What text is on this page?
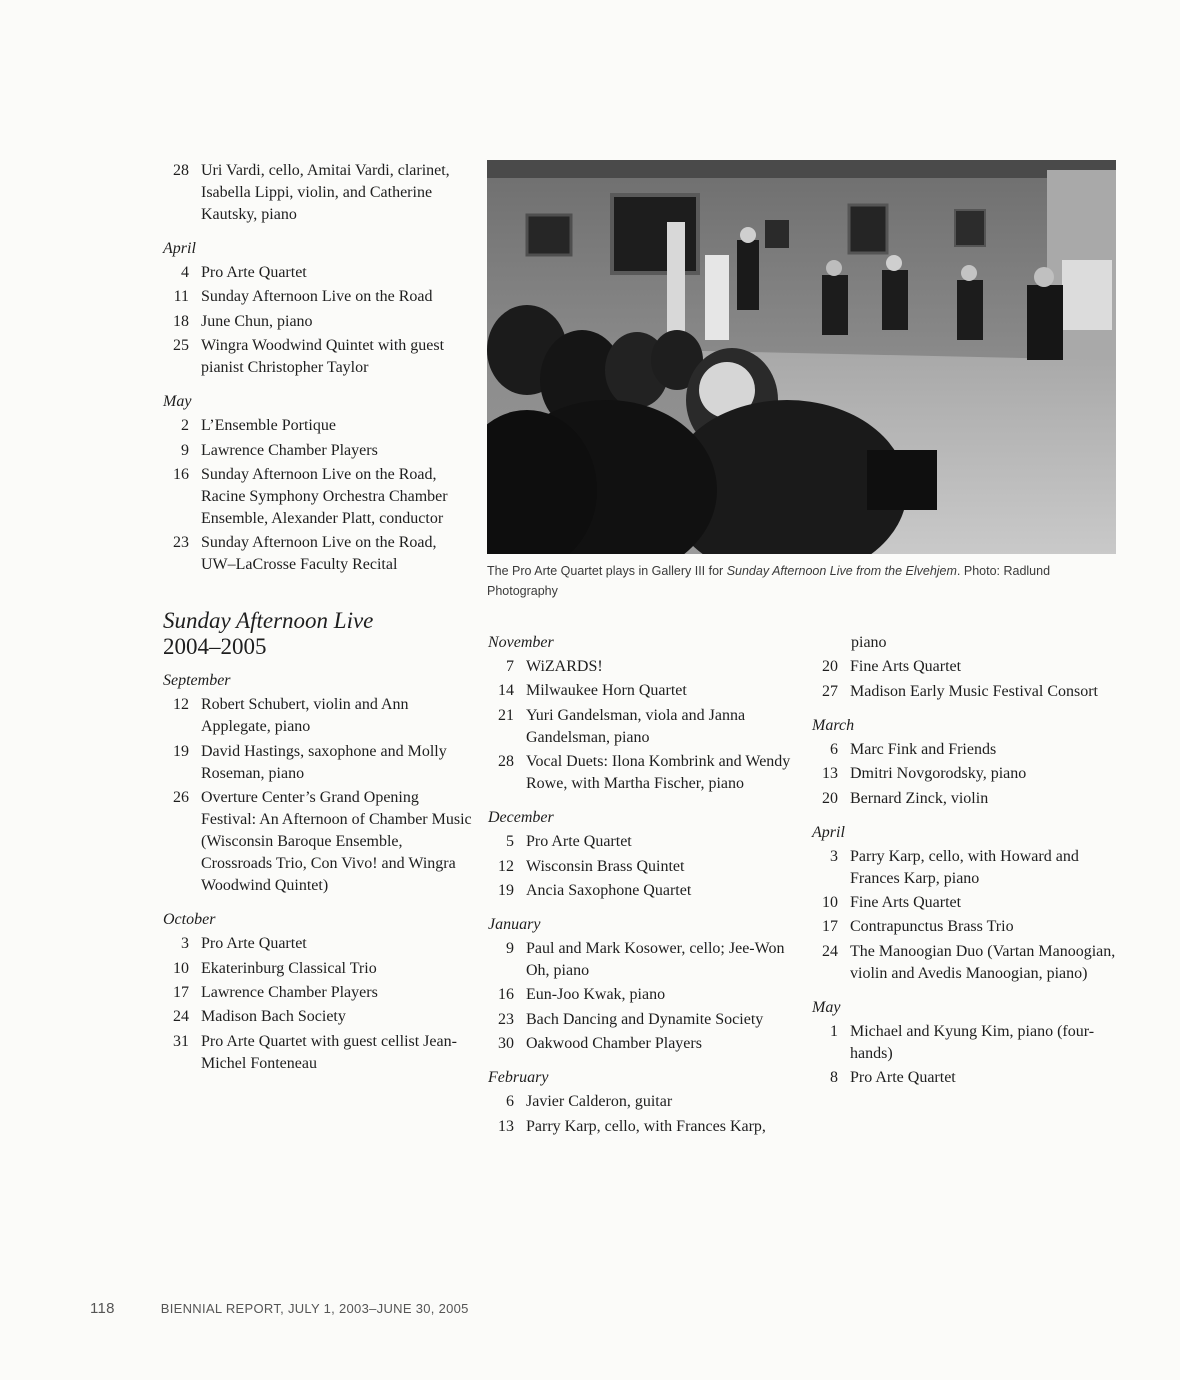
28 Uri Vardi, cello, Amitai Vardi, clarinet, Isabella Lippi, violin, and Catherine Kautsky, piano
April
4 Pro Arte Quartet
11 Sunday Afternoon Live on the Road
18 June Chun, piano
25 Wingra Woodwind Quintet with guest pianist Christopher Taylor
May
2 L’Ensemble Portique
9 Lawrence Chamber Players
16 Sunday Afternoon Live on the Road, Racine Symphony Orchestra Chamber Ensemble, Alexander Platt, conductor
23 Sunday Afternoon Live on the Road, UW–LaCrosse Faculty Recital
Sunday Afternoon Live
2004–2005
September
12 Robert Schubert, violin and Ann Applegate, piano
19 David Hastings, saxophone and Molly Roseman, piano
26 Overture Center’s Grand Opening Festival: An Afternoon of Chamber Music (Wisconsin Baroque Ensemble, Crossroads Trio, Con Vivo! and Wingra Woodwind Quintet)
October
3 Pro Arte Quartet
10 Ekaterinburg Classical Trio
17 Lawrence Chamber Players
24 Madison Bach Society
31 Pro Arte Quartet with guest cellist Jean-Michel Fonteneau
The Pro Arte Quartet plays in Gallery III for Sunday Afternoon Live from the Elvehjem. Photo: Radlund Photography
November
7 WiZARDS!
14 Milwaukee Horn Quartet
21 Yuri Gandelsman, viola and Janna Gandelsman, piano
28 Vocal Duets: Ilona Kombrink and Wendy Rowe, with Martha Fischer, piano
December
5 Pro Arte Quartet
12 Wisconsin Brass Quintet
19 Ancia Saxophone Quartet
January
9 Paul and Mark Kosower, cello; Jee-Won Oh, piano
16 Eun-Joo Kwak, piano
23 Bach Dancing and Dynamite Society
30 Oakwood Chamber Players
February
6 Javier Calderon, guitar
13 Parry Karp, cello, with Frances Karp,
piano
20 Fine Arts Quartet
27 Madison Early Music Festival Consort
March
6 Marc Fink and Friends
13 Dmitri Novgorodsky, piano
20 Bernard Zinck, violin
April
3 Parry Karp, cello, with Howard and Frances Karp, piano
10 Fine Arts Quartet
17 Contrapunctus Brass Trio
24 The Manoogian Duo (Vartan Manoogian, violin and Avedis Manoogian, piano)
May
1 Michael and Kyung Kim, piano (four-hands)
8 Pro Arte Quartet
118	BIENNIAL REPORT, JULY 1, 2003–JUNE 30, 2005
